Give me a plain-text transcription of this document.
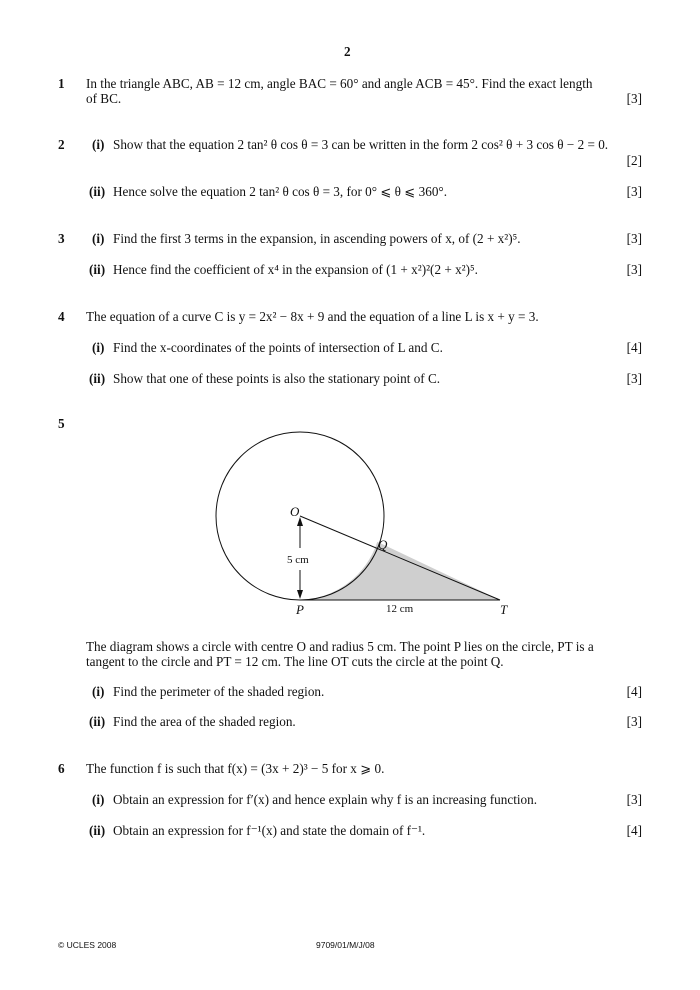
2
1 In the triangle ABC, AB = 12 cm, angle BAC = 60° and angle ACB = 45°. Find the exact length
of BC.	[3]
2 (i) Show that the equation 2 tan² θ cos θ = 3 can be written in the form 2 cos² θ + 3 cos θ − 2 = 0.
[2]
(ii) Hence solve the equation 2 tan² θ cos θ = 3, for 0° ⩽ θ ⩽ 360°.	[3]
3 (i) Find the first 3 terms in the expansion, in ascending powers of x, of (2 + x²)⁵.	[3]
(ii) Hence find the coefficient of x⁴ in the expansion of (1 + x²)²(2 + x²)⁵.	[3]
4 The equation of a curve C is y = 2x² − 8x + 9 and the equation of a line L is x + y = 3.
(i) Find the x-coordinates of the points of intersection of L and C.	[4]
(ii) Show that one of these points is also the stationary point of C.	[3]
5
O
Q
P	T
5 cm
12 cm
The diagram shows a circle with centre O and radius 5 cm. The point P lies on the circle, PT is a
tangent to the circle and PT = 12 cm. The line OT cuts the circle at the point Q.
(i) Find the perimeter of the shaded region.	[4]
(ii) Find the area of the shaded region.	[3]
6 The function f is such that f(x) = (3x + 2)³ − 5 for x ⩾ 0.
(i) Obtain an expression for f′(x) and hence explain why f is an increasing function.	[3]
(ii) Obtain an expression for f⁻¹(x) and state the domain of f⁻¹.	[4]
© UCLES 2008	9709/01/M/J/08
